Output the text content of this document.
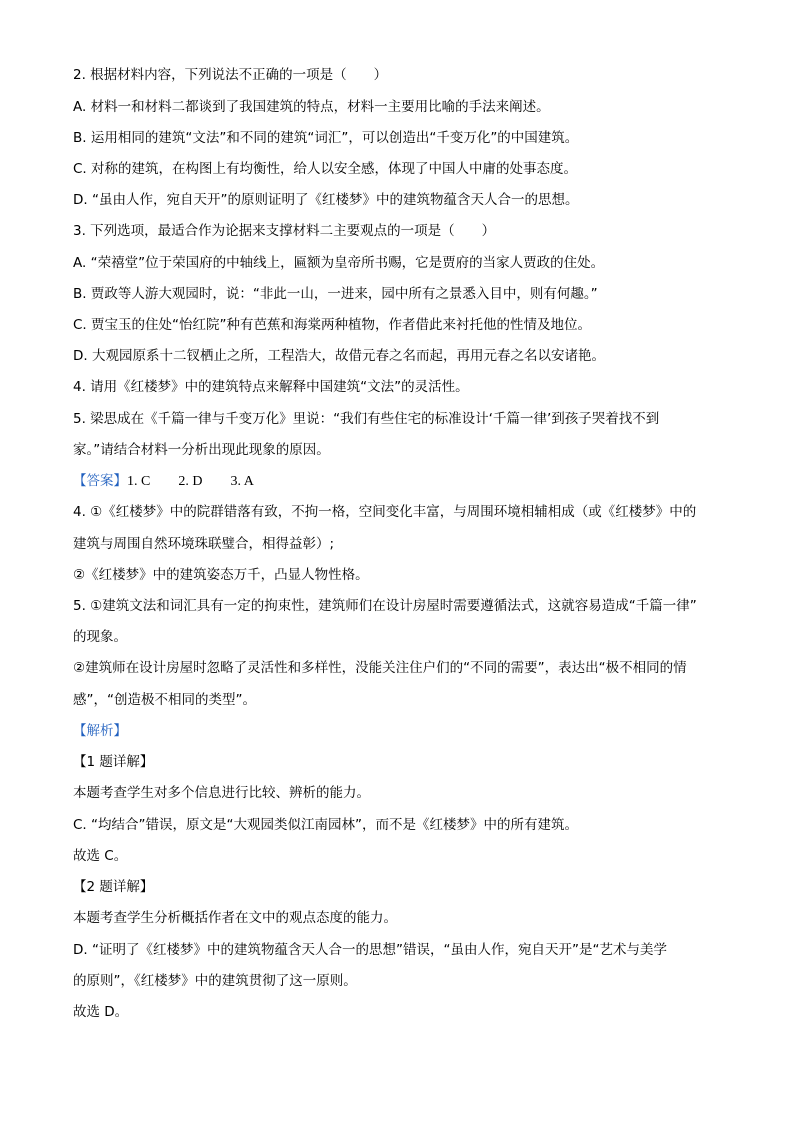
2. 根据材料内容，下列说法不正确的一项是（　　）
A. 材料一和材料二都谈到了我国建筑的特点，材料一主要用比喻的手法来阐述。
B. 运用相同的建筑“文法”和不同的建筑“词汇”，可以创造出“千变万化”的中国建筑。
C. 对称的建筑，在构图上有均衡性，给人以安全感，体现了中国人中庸的处事态度。
D. “虽由人作，宛自天开”的原则证明了《红楼梦》中的建筑物蕴含天人合一的思想。
3. 下列选项，最适合作为论据来支撑材料二主要观点的一项是（　　）
A. “荣禧堂”位于荣国府的中轴线上，匾额为皇帝所书赐，它是贾府的当家人贾政的住处。
B. 贾政等人游大观园时，说：“非此一山，一进来，园中所有之景悉入目中，则有何趣。”
C. 贾宝玉的住处“怡红院”种有芭蕉和海棠两种植物，作者借此来衬托他的性情及地位。
D. 大观园原系十二钗栖止之所，工程浩大，故借元春之名而起，再用元春之名以安诸艳。
4. 请用《红楼梦》中的建筑特点来解释中国建筑“文法”的灵活性。
5. 梁思成在《千篇一律与千变万化》里说：“我们有些住宅的标准设计‘千篇一律’到孩子哭着找不到
家。”请结合材料一分析出现此现象的原因。
【答案】1. C 2. D 3. A
4. ①《红楼梦》中的院群错落有致，不拘一格，空间变化丰富，与周围环境相辅相成（或《红楼梦》中的
建筑与周围自然环境珠联璧合，相得益彰）;
②《红楼梦》中的建筑姿态万千，凸显人物性格。
5. ①建筑文法和词汇具有一定的拘束性，建筑师们在设计房屋时需要遵循法式，这就容易造成“千篇一律”
的现象。
②建筑师在设计房屋时忽略了灵活性和多样性，没能关注住户们的“不同的需要”，表达出“极不相同的情
感”，“创造极不相同的类型”。
【解析】
【1 题详解】
本题考查学生对多个信息进行比较、辨析的能力。
C. “均结合”错误，原文是“大观园类似江南园林”，而不是《红楼梦》中的所有建筑。
故选 C。
【2 题详解】
本题考查学生分析概括作者在文中的观点态度的能力。
D. “证明了《红楼梦》中的建筑物蕴含天人合一的思想”错误，“虽由人作，宛自天开”是“艺术与美学
的原则”，《红楼梦》中的建筑贯彻了这一原则。
故选 D。
